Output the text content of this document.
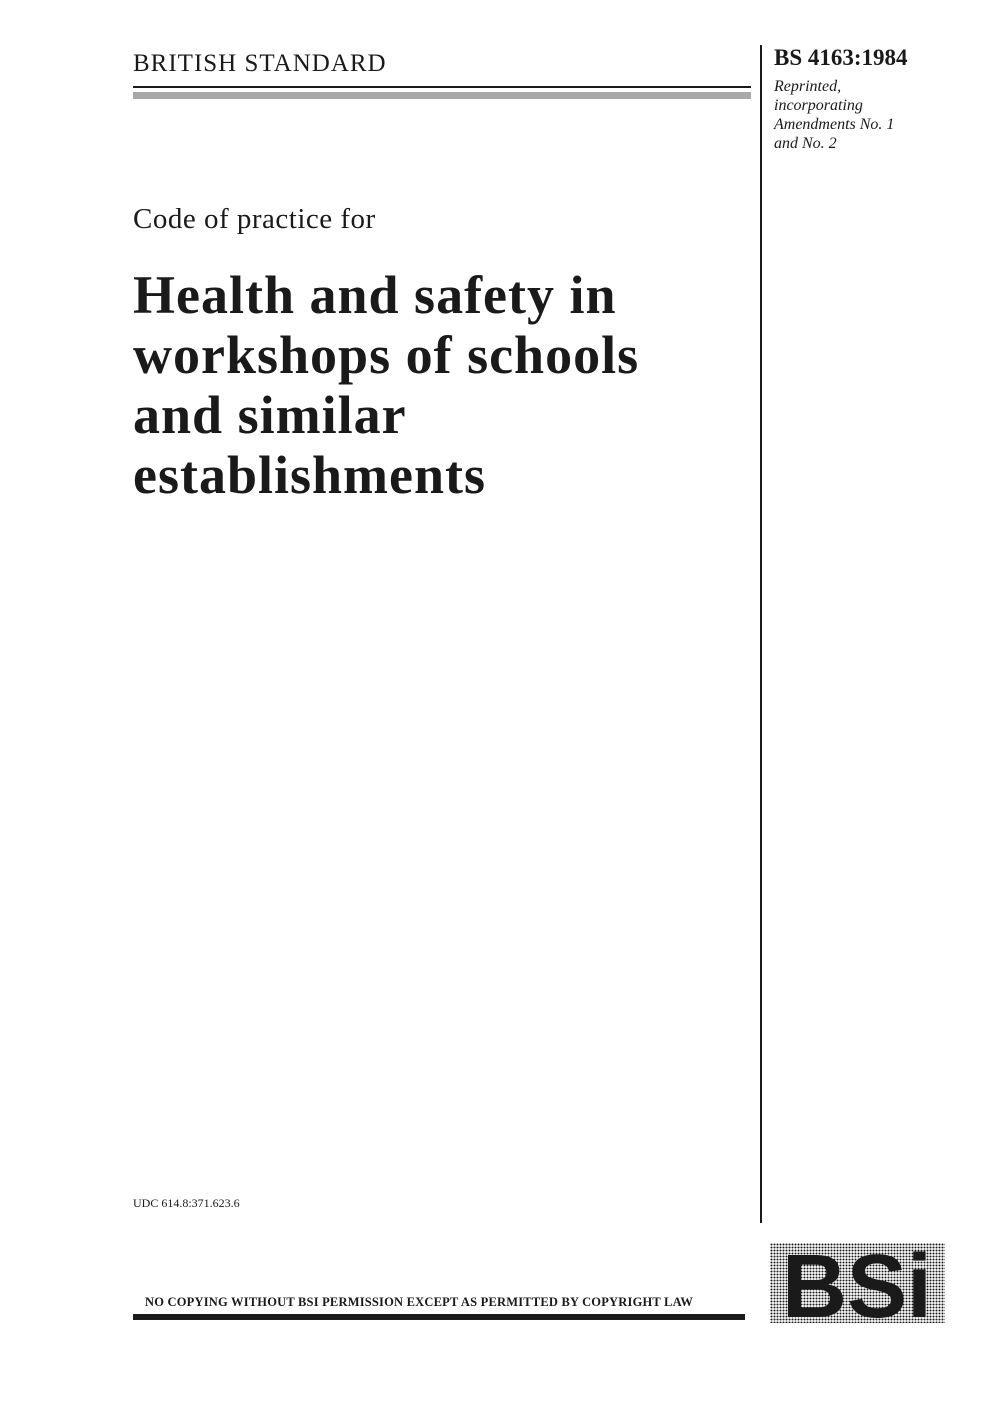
BRITISH STANDARD	BS 4163:1984
Reprinted,
incorporating
Amendments No. 1
and No. 2
Code of practice for
Health and safety in
workshops of schools
and similar
establishments
UDC 614.8:371.623.6
NO COPYING WITHOUT BSI PERMISSION EXCEPT AS PERMITTED BY COPYRIGHT LAW BSi
